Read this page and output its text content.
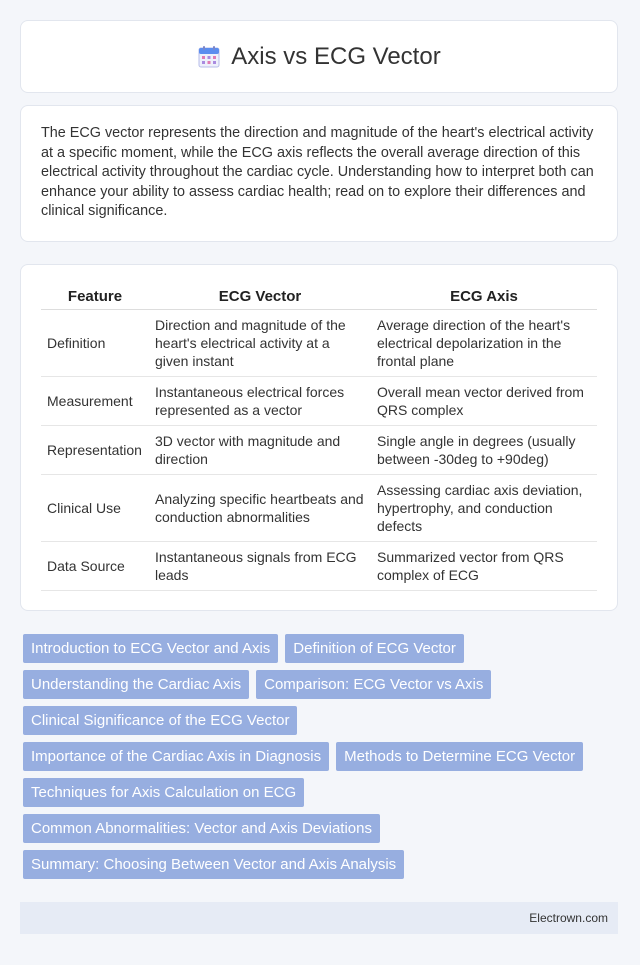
Axis vs ECG Vector

The ECG vector represents the direction and magnitude of the heart's electrical activity at a specific moment, while the ECG axis reflects the overall average direction of this electrical activity throughout the cardiac cycle. Understanding how to interpret both can enhance your ability to assess cardiac health; read on to explore their differences and clinical significance.

Feature	ECG Vector	ECG Axis
Definition	Direction and magnitude of the heart's electrical activity at a given instant	Average direction of the heart's electrical depolarization in the frontal plane
Measurement	Instantaneous electrical forces represented as a vector	Overall mean vector derived from QRS complex
Representation	3D vector with magnitude and direction	Single angle in degrees (usually between -30deg to +90deg)
Clinical Use	Analyzing specific heartbeats and conduction abnormalities	Assessing cardiac axis deviation, hypertrophy, and conduction defects
Data Source	Instantaneous signals from ECG leads	Summarized vector from QRS complex of ECG
Introduction to ECG Vector and Axis Definition of ECG Vector
Understanding the Cardiac Axis Comparison: ECG Vector vs Axis
Clinical Significance of the ECG Vector
Importance of the Cardiac Axis in Diagnosis Methods to Determine ECG Vector
Techniques for Axis Calculation on ECG
Common Abnormalities: Vector and Axis Deviations
Summary: Choosing Between Vector and Axis Analysis
Electrown.com
